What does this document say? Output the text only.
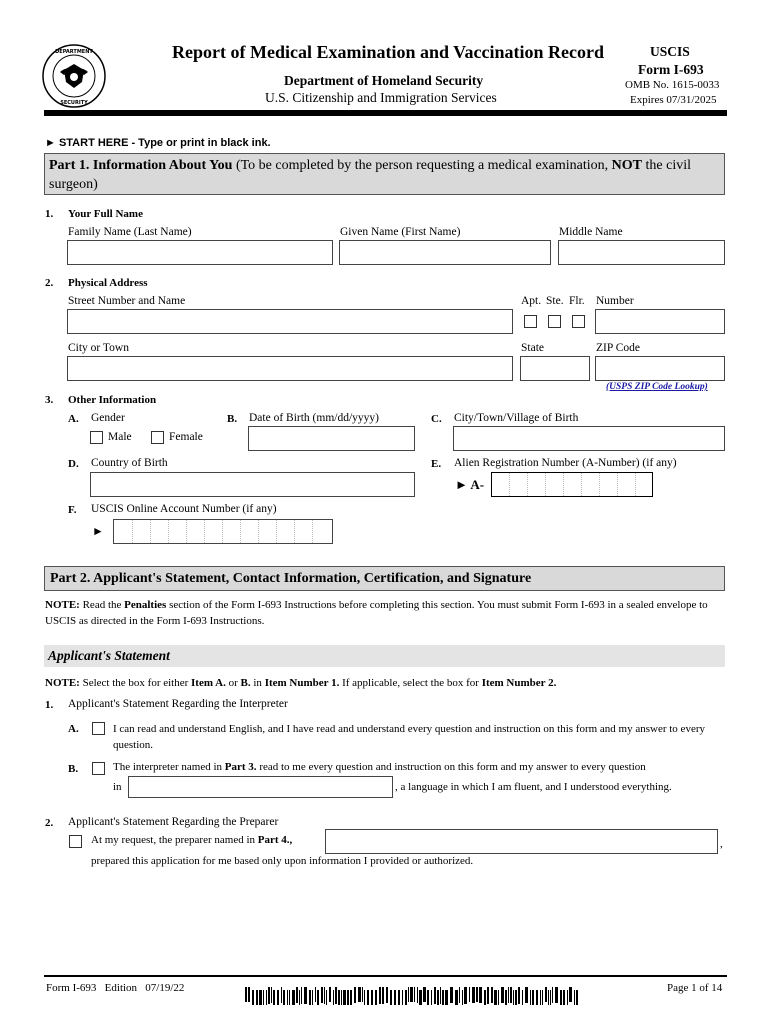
DEPARTMENT
SECURITY
Report of Medical Examination and Vaccination Record
Department of Homeland Security
U.S. Citizenship and Immigration Services
USCIS
Form I-693
OMB No. 1615-0033
Expires 07/31/2025
► START HERE - Type or print in black ink.
Part 1. Information About You (To be completed by the person requesting a medical examination, NOT the civil surgeon)
1. Your Full Name
Family Name (Last Name)	Given Name (First Name)	Middle Name
2. Physical Address
Street Number and Name	Apt. Ste. Flr. Number
City or Town	State	ZIP Code
(USPS ZIP Code Lookup)
3. Other Information
A. Gender
Male	Female
B. Date of Birth (mm/dd/yyyy)	C. City/Town/Village of Birth
D. Country of Birth	E. Alien Registration Number (A-Number) (if any)
► A-
F. USCIS Online Account Number (if any)
►
Part 2. Applicant's Statement, Contact Information, Certification, and Signature
NOTE: Read the Penalties section of the Form I-693 Instructions before completing this section. You must submit Form I-693 in a sealed envelope to USCIS as directed in the Form I-693 Instructions.
Applicant's Statement
NOTE: Select the box for either Item A. or B. in Item Number 1. If applicable, select the box for Item Number 2.
1. Applicant's Statement Regarding the Interpreter
A.	I can read and understand English, and I have read and understand every question and instruction on this form and my answer to every question.
B.	The interpreter named in Part 3. read to me every question and instruction on this form and my answer to every question
in	, a language in which I am fluent, and I understood everything.
2. Applicant's Statement Regarding the Preparer
At my request, the preparer named in Part 4.,	,
prepared this application for me based only upon information I provided or authorized.
Form I-693   Edition   07/19/22	Page 1 of 14
